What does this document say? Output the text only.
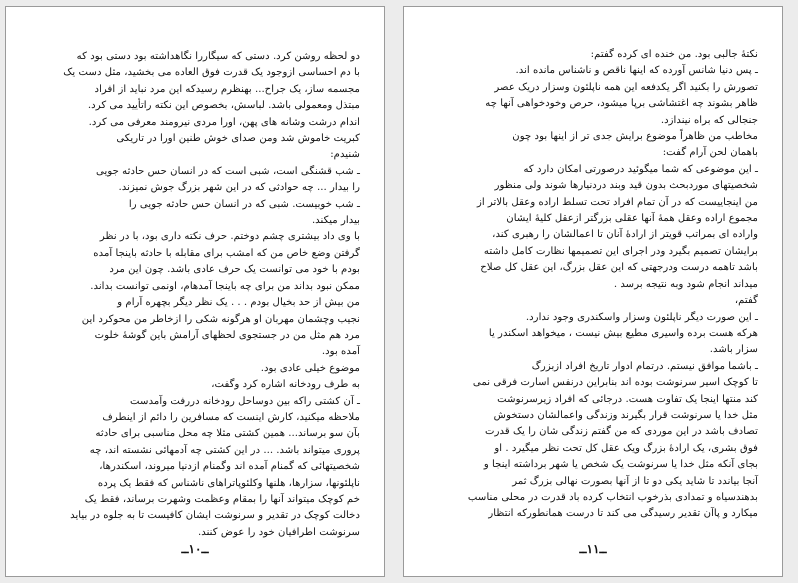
دو لحظه روشن کرد. دستی که سیگاررا نگاهداشته بود دستی بود که

با دم احساسی ازوجود یک قدرت فوق العاده می بخشید، مثل دست یک

مجسمه ساز، یک جراح... بهنظرم رسیدکه این مرد نباید از افراد

مبتذل ومعمولی باشد. لباسش، بخصوص این نکته راتأیید می کرد.

اندام درشت وشانه های پهن، اورا مردی نیرومند معرفی می کرد.

کبریت خاموش شد ومن صدای خوش طنین اورا در تاریکی

شنیدم:

ـ شب قشنگی است، شبی است که در انسان حس حادثه جویی

را بیدار ... چه حوادثی که در این شهر بزرگ جوش نمیزند.

ـ شب خوبیست. شبی که در انسان حس حادثه جویی را

بیدار میکند.

با وی داد بیشتری چشم دوختم. حرف نکته داری بود، با در نظر

گرفتن وضع خاص من که امشب برای مقابله با حادثه باینجا آمده

بودم با خود می توانست یک حرف عادی باشد. چون این مرد

ممکن نبود بداند من برای چه باینجا آمدهام، اونمی توانست بداند.

من بیش از حد بخیال بودم . . . یک نظر دیگر بچهره آرام و

نجیب وچشمان مهربان او هرگونه شکی را ازخاطر من محوکرد این

مرد هم مثل من در جستجوی لحظهای آرامش باین گوشهٔ خلوت

آمده بود.

موضوع خیلی عادی بود.

به طرف رودخانه اشاره کرد وگفت،

ـ آن کشتی راکه بین دوساحل رودخانه دررفت وآمدست

ملاحظه میکنید، کارش اینست که مسافرین را دائم از اینطرف

بآن سو برساند... همین کشتی مثلا چه محل مناسبی برای حادثه

پروری میتواند باشد. ... در این کشتی چه آدمهائی نشسته اند، چه

شخصیتهائی که گمنام آمده اند وگمنام ازدنیا میروند، اسکندرها،

ناپلئونها، سزارها، هلنها وکلئوپاتراهای ناشناس که فقط یک پرده

خم کوچک میتواند آنها را بمقام وعظمت وشهرت برساند، فقط یک

دخالت کوچک در تقدیر و سرنوشت ایشان کافیست تا به جلوه در بیاید

سرنوشت اطرافیان خود را عوض کنند.

ــ۱۰ــ

نکتهٔ جالبی بود. من خنده ای کرده گفتم:

ـ پس دنیا شانس آورده که اینها ناقص و ناشناس مانده اند.

تصورش را بکنید اگر یکدفعه این همه ناپلئون وسزار دریک عصر

ظاهر بشوند چه اغتشاشی برپا میشود، حرص وخودخواهی آنها چه

جنجالی که براه نیندازد.

مخاطب من ظاهراً موضوع برایش جدی تر از اینها بود چون

باهمان لحن آرام گفت:

ـ این موضوعی که شما میگوئید درصورتی امکان دارد که

شخصیتهای موردبحث بدون قید وبند دردنیارها شوند ولی منظور

من اینجاییست که در آن تمام افراد تحت تسلط اراده وعقل بالاتر از

مجموع اراده وعقل همهٔ آنها عقلی بزرگتر ازعقل کلیهٔ ایشان

واراده ای بمراتب قویتر از ارادهٔ آنان تا اعمالشان را رهبری کند،

برایشان تصمیم بگیرد ودر اجرای این تصمیمها نظارت کامل داشته

باشد تاهمه درست ودرجهتی که این عقل بزرگ، این عقل کل صلاح

میداند انجام شود وبه نتیجه برسد .

گفتم،

ـ این صورت دیگر ناپلئون وسزار واسکندری وجود ندارد.

هرکه هست برده واسیری مطیع بیش نیست ، میخواهد اسکندر یا

سزار باشد.

ـ باشما موافق نیستم. درتمام ادوار تاریخ افراد ازبزرگ

تا کوچک اسیر سرنوشت بوده اند بنابراین درنفس اسارت فرقی نمی

کند منتها اینجا یک تفاوت هست. درجائی که افراد زیرسرنوشت

مثل خدا یا سرنوشت قرار بگیرند وزندگی واعمالشان دستخوش

تصادف باشد در این موردی که من گفتم زندگی شان را یک قدرت

فوق بشری، یک ارادهٔ بزرگ ویک عقل کل تحت نظر میگیرد . او

بجای آنکه مثل خدا یا سرنوشت یک شخص یا شهر برداشته اینجا و

آنجا بیاندد تا شاید یکی دو تا از آنها بصورت نهالی بزرگ ثمر

بدهندسیاه و تمدادی بذرخوب انتخاب کرده باد قدرت در محلی مناسب

میکارد و پاآن تقدیر رسیدگی می کند تا درست همانطورکه انتظار

ــ۱۱ــ
